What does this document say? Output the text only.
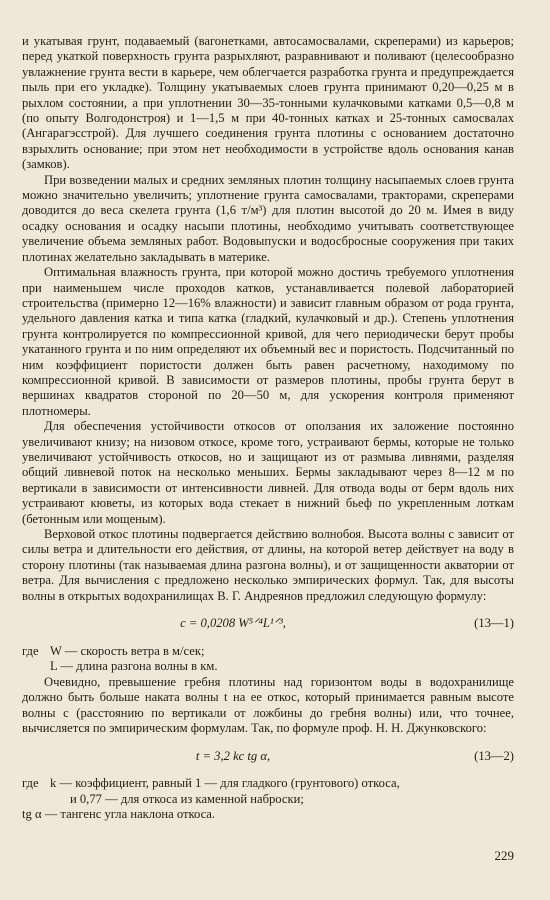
и укатывая грунт, подаваемый (вагонетками, автосамосвалами, скреперами) из карьеров; перед укаткой поверхность грунта разрыхляют, разравнивают и поливают (целесообразно увлажнение грунта вести в карьере, чем облегчается разработка грунта и предупреждается пыль при его укладке). Толщину укатываемых слоев грунта принимают 0,20—0,25 м в рыхлом состоянии, а при уплотнении 30—35-тонными кулачковыми катками 0,5—0,8 м (по опыту Волгодонстроя) и 1—1,5 м при 40-тонных катках и 25-тонных самосвалах (Ангарагэсстрой). Для лучшего соединения грунта плотины с основанием достаточно взрыхлить основание; при этом нет необходимости в устройстве вдоль основания канав (замков).

При возведении малых и средних земляных плотин толщину насыпаемых слоев грунта можно значительно увеличить; уплотнение грунта самосвалами, тракторами, скреперами доводится до веса скелета грунта (1,6 т/м³) для плотин высотой до 20 м. Имея в виду осадку основания и осадку насыпи плотины, необходимо учитывать соответствующее увеличение объема земляных работ. Водовыпуски и водосбросные сооружения при таких плотинах желательно закладывать в материке.

Оптимальная влажность грунта, при которой можно достичь требуемого уплотнения при наименьшем числе проходов катков, устанавливается полевой лабораторией строительства (примерно 12—16% влажности) и зависит главным образом от рода грунта, удельного давления катка и типа катка (гладкий, кулачковый и др.). Степень уплотнения грунта контролируется по компрессионной кривой, для чего периодически берут пробы укатанного грунта и по ним определяют их объемный вес и пористость. Подсчитанный по ним коэффициент пористости должен быть равен расчетному, находимому по компрессионной кривой. В зависимости от размеров плотины, пробы грунта берут в вершинах квадратов стороной по 20—50 м, для ускорения контроля применяют плотномеры.

Для обеспечения устойчивости откосов от оползания их заложение постоянно увеличивают книзу; на низовом откосе, кроме того, устраивают бермы, которые не только увеличивают устойчивость откосов, но и защищают из от размыва ливнями, разделяя общий ливневой поток на несколько меньших. Бермы закладывают через 8—12 м по вертикали в зависимости от интенсивности ливней. Для отвода воды от берм вдоль них устраивают кюветы, из которых вода стекает в нижний бьеф по укрепленным лоткам (бетонным или мощеным).

Верховой откос плотины подвергается действию волнобоя. Высота волны c зависит от силы ветра и длительности его действия, от длины, на которой ветер действует на воду в сторону плотины (так называемая длина разгона волны), и от защищенности акватории от ветра. Для вычисления c предложено несколько эмпирических формул. Так, для высоты волны в открытых водохранилищах В. Г. Андреянов предложил следующую формулу:

c = 0,0208 W⁵ᐟ⁴L¹ᐟ³,	(13—1)
где W — скорость ветра в м/сек;
L — длина разгона волны в км.

Очевидно, превышение гребня плотины над горизонтом воды в водохранилище должно быть больше наката волны t на ее откос, который принимается равным высоте волны c (расстоянию по вертикали от ложбины до гребня волны) или, что точнее, вычисляется по эмпирическим формулам. Так, по формуле проф. Н. Н. Джунковского:

t = 3,2 kc tg α,	(13—2)
где k — коэффициент, равный 1 — для гладкого (грунтового) откоса,
и 0,77 — для откоса из каменной наброски;
tg α — тангенс угла наклона откоса.
229
